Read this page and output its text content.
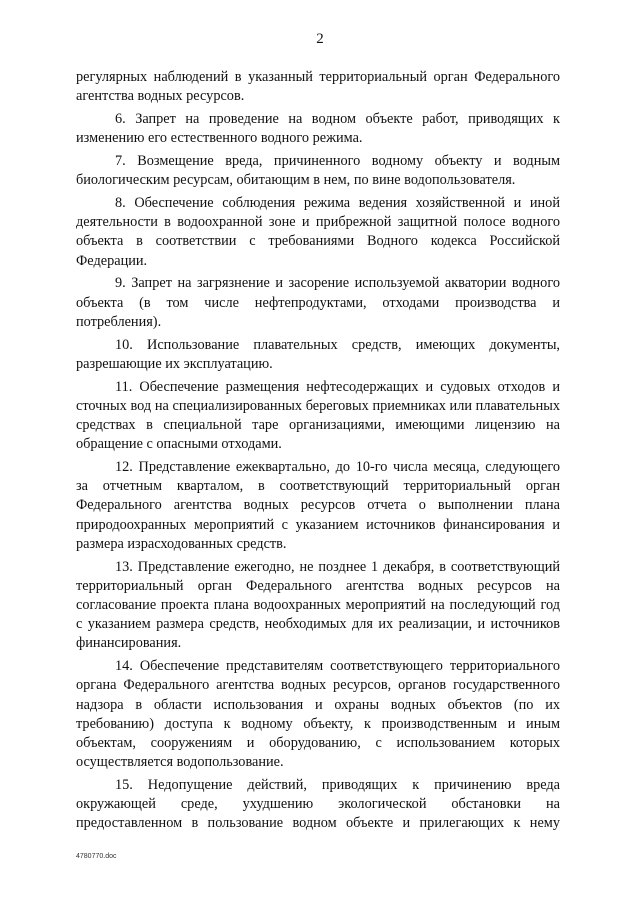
2

регулярных наблюдений в указанный территориальный орган Федерального агентства водных ресурсов.

6. Запрет на проведение на водном объекте работ, приводящих к изменению его естественного водного режима.

7. Возмещение вреда, причиненного водному объекту и водным биологическим ресурсам, обитающим в нем, по вине водопользователя.

8. Обеспечение соблюдения режима ведения хозяйственной и иной деятельности в водоохранной зоне и прибрежной защитной полосе водного объекта в соответствии с требованиями Водного кодекса Российской Федерации.

9. Запрет на загрязнение и засорение используемой акватории водного объекта (в том числе нефтепродуктами, отходами производства и потребления).

10. Использование плавательных средств, имеющих документы, разрешающие их эксплуатацию.

11. Обеспечение размещения нефтесодержащих и судовых отходов и сточных вод на специализированных береговых приемниках или плавательных средствах в специальной таре организациями, имеющими лицензию на обращение с опасными отходами.

12. Представление ежеквартально, до 10-го числа месяца, следующего за отчетным кварталом, в соответствующий территориальный орган Федерального агентства водных ресурсов отчета о выполнении плана природоохранных мероприятий с указанием источников финансирования и размера израсходованных средств.

13. Представление ежегодно, не позднее 1 декабря, в соответствующий территориальный орган Федерального агентства водных ресурсов на согласование проекта плана водоохранных мероприятий на последующий год с указанием размера средств, необходимых для их реализации, и источников финансирования.

14. Обеспечение представителям соответствующего территориального органа Федерального агентства водных ресурсов, органов государственного надзора в области использования и охраны водных объектов (по их требованию) доступа к водному объекту, к производственным и иным объектам, сооружениям и оборудованию, с использованием которых осуществляется водопользование.

15. Недопущение действий, приводящих к причинению вреда окружающей среде, ухудшению экологической обстановки на предоставленном в пользование водном объекте и прилегающих к нему

4780770.doc
